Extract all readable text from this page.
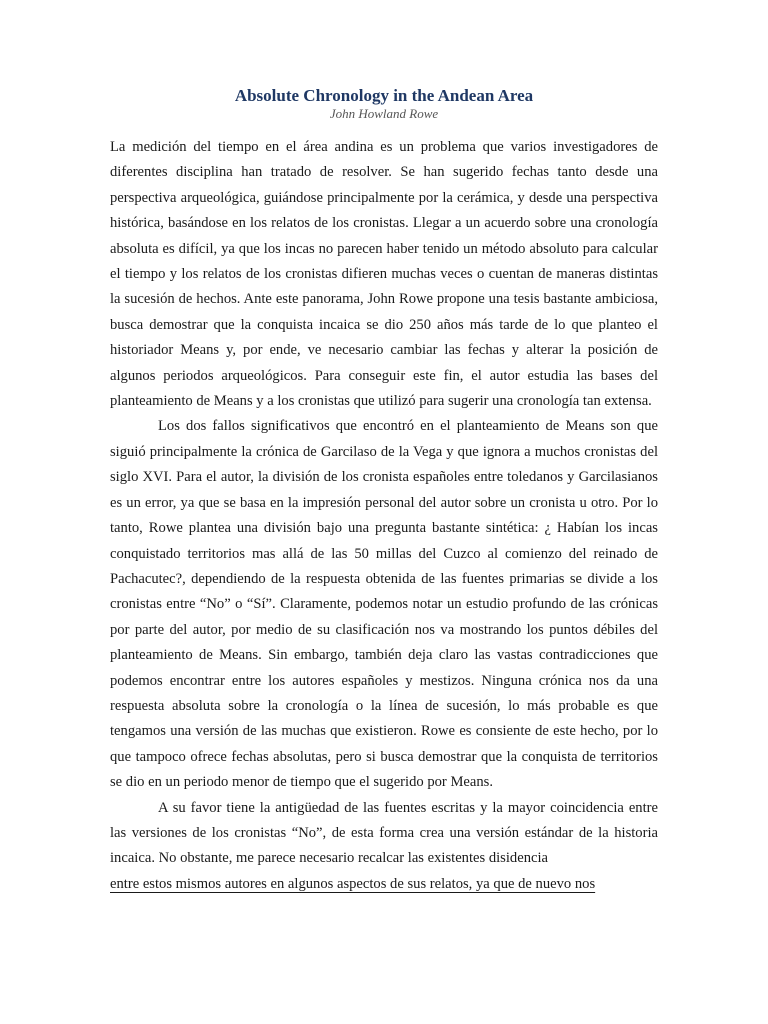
Absolute Chronology in the Andean Area

John Howland Rowe

La medición del tiempo en el área andina es un problema que varios investigadores de diferentes disciplina han tratado de resolver. Se han sugerido fechas tanto desde una perspectiva arqueológica, guiándose principalmente por la cerámica, y desde una perspectiva histórica, basándose en los relatos de los cronistas. Llegar a un acuerdo sobre una cronología absoluta es difícil, ya que los incas no parecen haber tenido un método absoluto para calcular el tiempo y los relatos de los cronistas difieren muchas veces o cuentan de maneras distintas la sucesión de hechos. Ante este panorama, John Rowe propone una tesis bastante ambiciosa, busca demostrar que la conquista incaica se dio 250 años más tarde de lo que planteo el historiador Means y, por ende, ve necesario cambiar las fechas y alterar la posición de algunos periodos arqueológicos. Para conseguir este fin, el autor estudia las bases del planteamiento de Means y a los cronistas que utilizó para sugerir una cronología tan extensa.

Los dos fallos significativos que encontró en el planteamiento de Means son que siguió principalmente la crónica de Garcilaso de la Vega y que ignora a muchos cronistas del siglo XVI. Para el autor, la división de los cronista españoles entre toledanos y Garcilasianos es un error, ya que se basa en la impresión personal del autor sobre un cronista u otro. Por lo tanto, Rowe plantea una división bajo una pregunta bastante sintética: ¿ Habían los incas conquistado territorios mas allá de las 50 millas del Cuzco al comienzo del reinado de Pachacutec?, dependiendo de la respuesta obtenida de las fuentes primarias se divide a los cronistas entre “No” o “Sí”. Claramente, podemos notar un estudio profundo de las crónicas por parte del autor, por medio de su clasificación nos va mostrando los puntos débiles del planteamiento de Means. Sin embargo, también deja claro las vastas contradicciones que podemos encontrar entre los autores españoles y mestizos. Ninguna crónica nos da una respuesta absoluta sobre la cronología o la línea de sucesión, lo más probable es que tengamos una versión de las muchas que existieron. Rowe es consiente de este hecho, por lo que tampoco ofrece fechas absolutas, pero si busca demostrar que la conquista de territorios se dio en un periodo menor de tiempo que el sugerido por Means.

A su favor tiene la antigüedad de las fuentes escritas y la mayor coincidencia entre las versiones de los cronistas “No”, de esta forma crea una versión estándar de la historia incaica. No obstante, me parece necesario recalcar las existentes disidencia

entre estos mismos autores en algunos aspectos de sus relatos, ya que de nuevo nos
